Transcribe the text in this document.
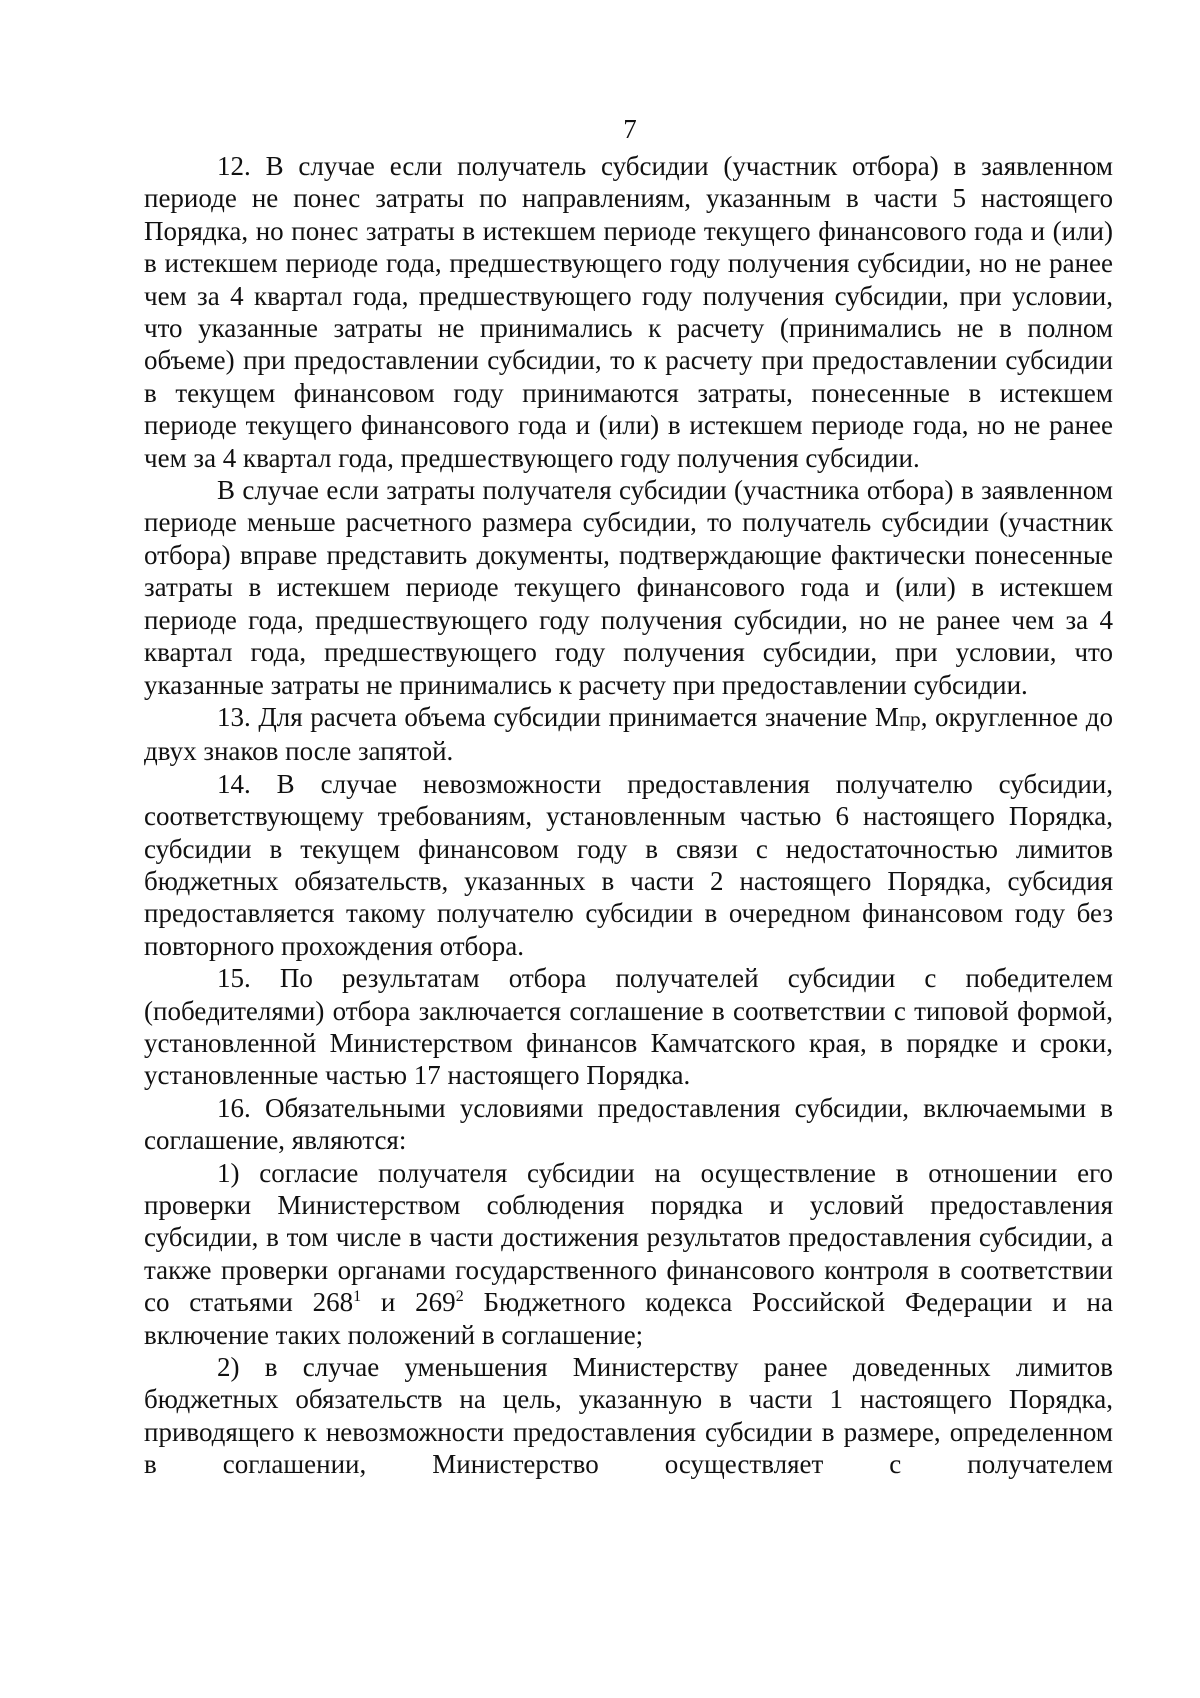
7

12. В случае если получатель субсидии (участник отбора) в заявленном периоде не понес затраты по направлениям, указанным в части 5 настоящего Порядка, но понес затраты в истекшем периоде текущего финансового года и (или) в истекшем периоде года, предшествующего году получения субсидии, но не ранее чем за 4 квартал года, предшествующего году получения субсидии, при условии, что указанные затраты не принимались к расчету (принимались не в полном объеме) при предоставлении субсидии, то к расчету при предоставлении субсидии в текущем финансовом году принимаются затраты, понесенные в истекшем периоде текущего финансового года и (или) в истекшем периоде года, но не ранее чем за 4 квартал года, предшествующего году получения субсидии.

В случае если затраты получателя субсидии (участника отбора) в заявленном периоде меньше расчетного размера субсидии, то получатель субсидии (участник отбора) вправе представить документы, подтверждающие фактически понесенные затраты в истекшем периоде текущего финансового года и (или) в истекшем периоде года, предшествующего году получения субсидии, но не ранее чем за 4 квартал года, предшествующего году получения субсидии, при условии, что указанные затраты не принимались к расчету при предоставлении субсидии.

13. Для расчета объема субсидии принимается значение Мпр, округленное до двух знаков после запятой.

14. В случае невозможности предоставления получателю субсидии, соответствующему требованиям, установленным частью 6 настоящего Порядка, субсидии в текущем финансовом году в связи с недостаточностью лимитов бюджетных обязательств, указанных в части 2 настоящего Порядка, субсидия предоставляется такому получателю субсидии в очередном финансовом году без повторного прохождения отбора.

15. По результатам отбора получателей субсидии с победителем (победителями) отбора заключается соглашение в соответствии с типовой формой, установленной Министерством финансов Камчатского края, в порядке и сроки, установленные частью 17 настоящего Порядка.

16. Обязательными условиями предоставления субсидии, включаемыми в соглашение, являются:

1) согласие получателя субсидии на осуществление в отношении его проверки Министерством соблюдения порядка и условий предоставления субсидии, в том числе в части достижения результатов предоставления субсидии, а также проверки органами государственного финансового контроля в соответствии со статьями $268^1$ и $269^2$ Бюджетного кодекса Российской Федерации и на включение таких положений в соглашение;

2) в случае уменьшения Министерству ранее доведенных лимитов бюджетных обязательств на цель, указанную в части 1 настоящего Порядка, приводящего к невозможности предоставления субсидии в размере, определенном в соглашении, Министерство осуществляет с получателем
